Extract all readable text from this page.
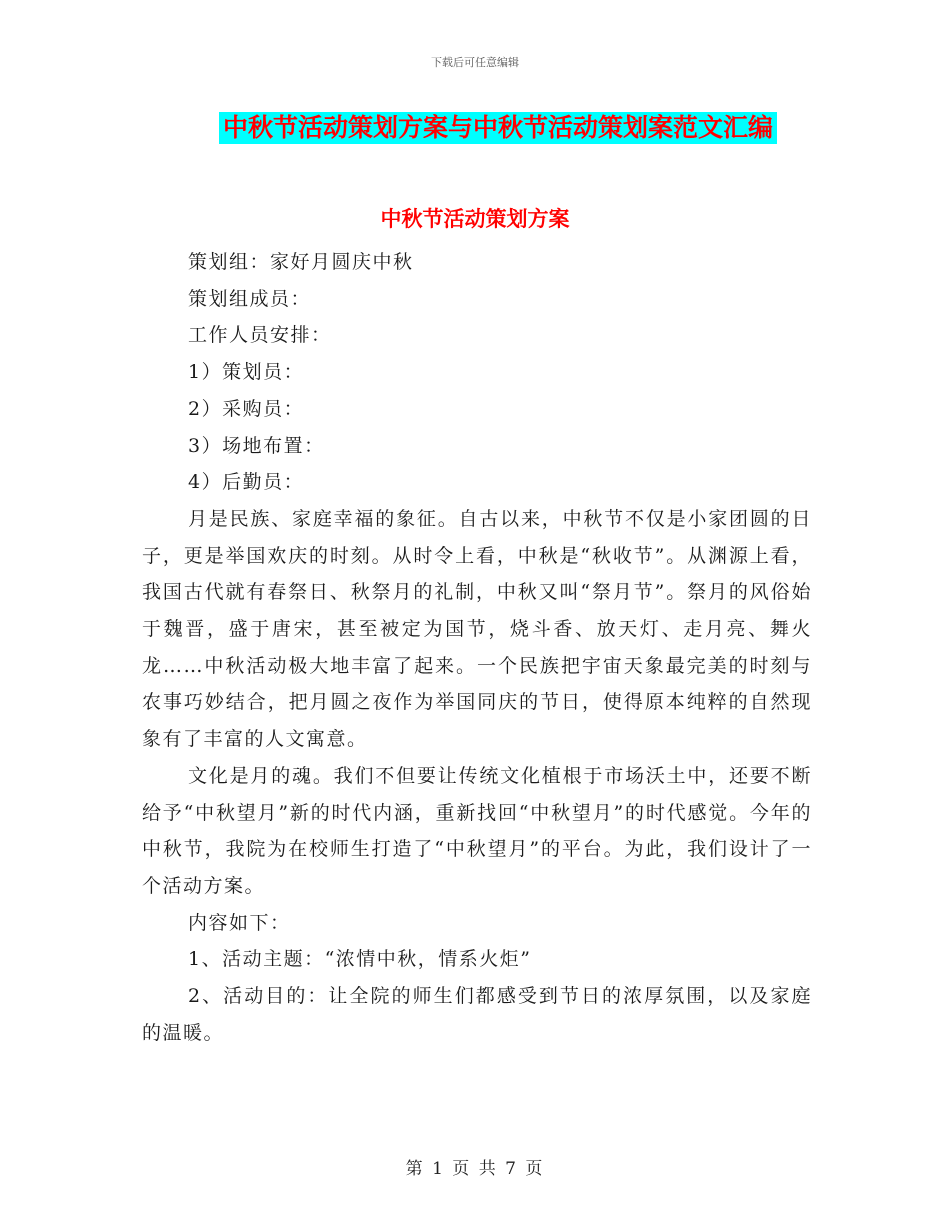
下载后可任意编辑
中秋节活动策划方案与中秋节活动策划案范文汇编
中秋节活动策划方案

策划组：家好月圆庆中秋

策划组成员：

工作人员安排：

1）策划员：

2）采购员：

3）场地布置：

4）后勤员：

月是民族、家庭幸福的象征。自古以来，中秋节不仅是小家团圆的日子，更是举国欢庆的时刻。从时令上看，中秋是“秋收节”。从渊源上看，我国古代就有春祭日、秋祭月的礼制，中秋又叫“祭月节”。祭月的风俗始于魏晋，盛于唐宋，甚至被定为国节，烧斗香、放天灯、走月亮、舞火龙……中秋活动极大地丰富了起来。一个民族把宇宙天象最完美的时刻与农事巧妙结合，把月圆之夜作为举国同庆的节日，使得原本纯粹的自然现象有了丰富的人文寓意。

文化是月的魂。我们不但要让传统文化植根于市场沃土中，还要不断给予“中秋望月”新的时代内涵，重新找回“中秋望月”的时代感觉。今年的中秋节，我院为在校师生打造了“中秋望月”的平台。为此，我们设计了一个活动方案。

内容如下：

1、活动主题：“浓情中秋，情系火炬”

2、活动目的：让全院的师生们都感受到节日的浓厚氛围，以及家庭的温暖。

第 1 页 共 7 页
